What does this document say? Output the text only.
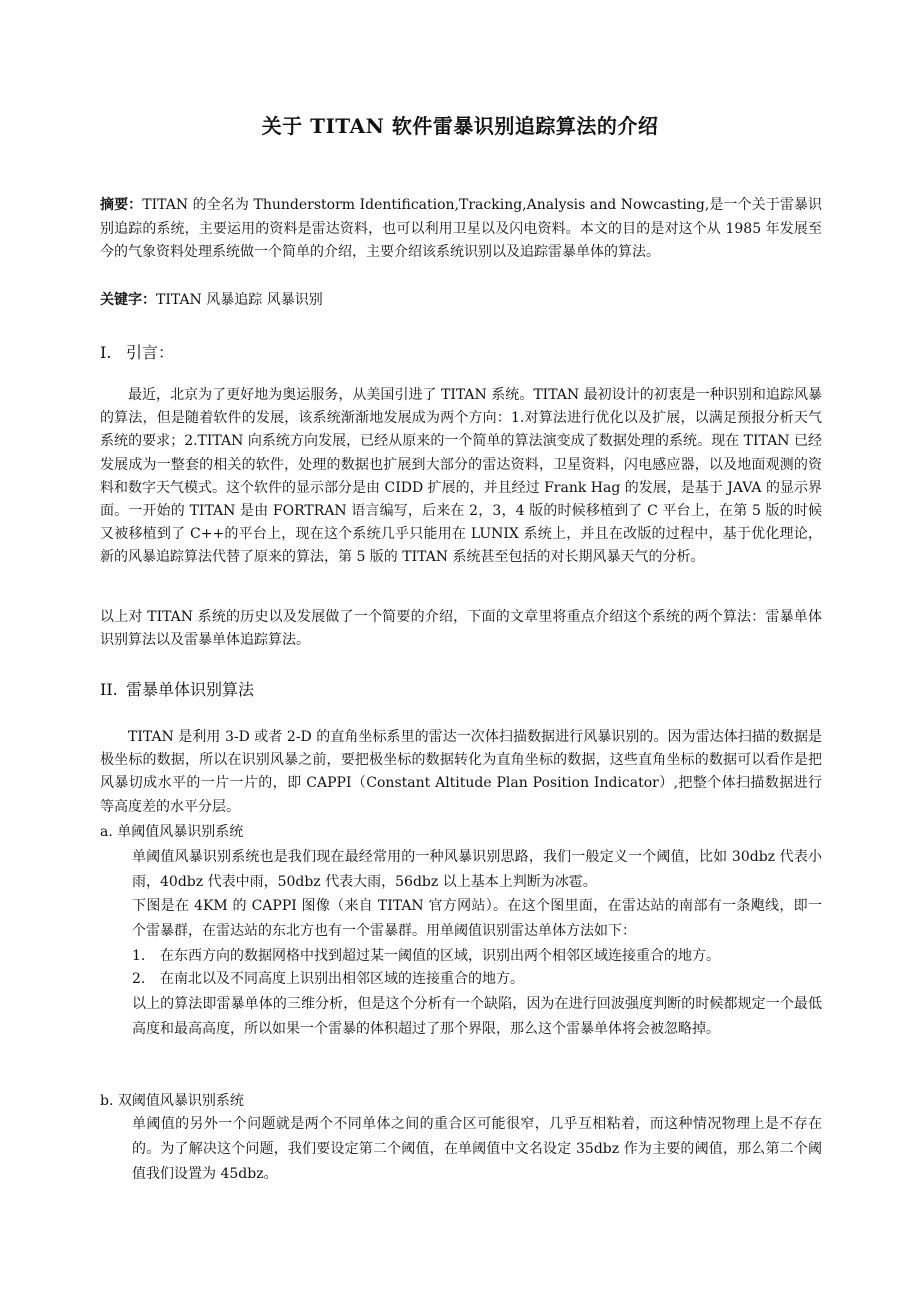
关于 TITAN 软件雷暴识别追踪算法的介绍
摘要：TITAN 的全名为 Thunderstorm Identification,Tracking,Analysis and Nowcasting,是一个关于雷暴识别追踪的系统，主要运用的资料是雷达资料，也可以利用卫星以及闪电资料。本文的目的是对这个从 1985 年发展至今的气象资料处理系统做一个简单的介绍，主要介绍该系统识别以及追踪雷暴单体的算法。
关键字：TITAN 风暴追踪 风暴识别
I. 引言：
最近，北京为了更好地为奥运服务，从美国引进了 TITAN 系统。TITAN 最初设计的初衷是一种识别和追踪风暴的算法，但是随着软件的发展，该系统渐渐地发展成为两个方向：1.对算法进行优化以及扩展，以满足预报分析天气系统的要求；2.TITAN 向系统方向发展，已经从原来的一个简单的算法演变成了数据处理的系统。现在 TITAN 已经发展成为一整套的相关的软件，处理的数据也扩展到大部分的雷达资料，卫星资料，闪电感应器，以及地面观测的资料和数字天气模式。这个软件的显示部分是由 CIDD 扩展的，并且经过 Frank Hag 的发展，是基于 JAVA 的显示界面。一开始的 TITAN 是由 FORTRAN 语言编写，后来在 2，3，4 版的时候移植到了 C 平台上，在第 5 版的时候又被移植到了 C++的平台上，现在这个系统几乎只能用在 LUNIX 系统上，并且在改版的过程中，基于优化理论，新的风暴追踪算法代替了原来的算法，第 5 版的 TITAN 系统甚至包括的对长期风暴天气的分析。
以上对 TITAN 系统的历史以及发展做了一个简要的介绍，下面的文章里将重点介绍这个系统的两个算法：雷暴单体识别算法以及雷暴单体追踪算法。
II. 雷暴单体识别算法
TITAN 是利用 3-D 或者 2-D 的直角坐标系里的雷达一次体扫描数据进行风暴识别的。因为雷达体扫描的数据是极坐标的数据，所以在识别风暴之前，要把极坐标的数据转化为直角坐标的数据，这些直角坐标的数据可以看作是把风暴切成水平的一片一片的，即 CAPPI（Constant Altitude Plan Position Indicator）,把整个体扫描数据进行等高度差的水平分层。
a. 单阈值风暴识别系统
单阈值风暴识别系统也是我们现在最经常用的一种风暴识别思路，我们一般定义一个阈值，比如 30dbz 代表小雨，40dbz 代表中雨，50dbz 代表大雨，56dbz 以上基本上判断为冰雹。
下图是在 4KM 的 CAPPI 图像（来自 TITAN 官方网站）。在这个图里面，在雷达站的南部有一条飑线，即一个雷暴群，在雷达站的东北方也有一个雷暴群。用单阈值识别雷达单体方法如下：
1. 在东西方向的数据网格中找到超过某一阈值的区域，识别出两个相邻区域连接重合的地方。
2. 在南北以及不同高度上识别出相邻区域的连接重合的地方。
以上的算法即雷暴单体的三维分析，但是这个分析有一个缺陷，因为在进行回波强度判断的时候都规定一个最低高度和最高高度，所以如果一个雷暴的体积超过了那个界限，那么这个雷暴单体将会被忽略掉。
b. 双阈值风暴识别系统
单阈值的另外一个问题就是两个不同单体之间的重合区可能很窄，几乎互相粘着，而这种情况物理上是不存在的。为了解决这个问题，我们要设定第二个阈值，在单阈值中文名设定 35dbz 作为主要的阈值，那么第二个阈值我们设置为 45dbz。
